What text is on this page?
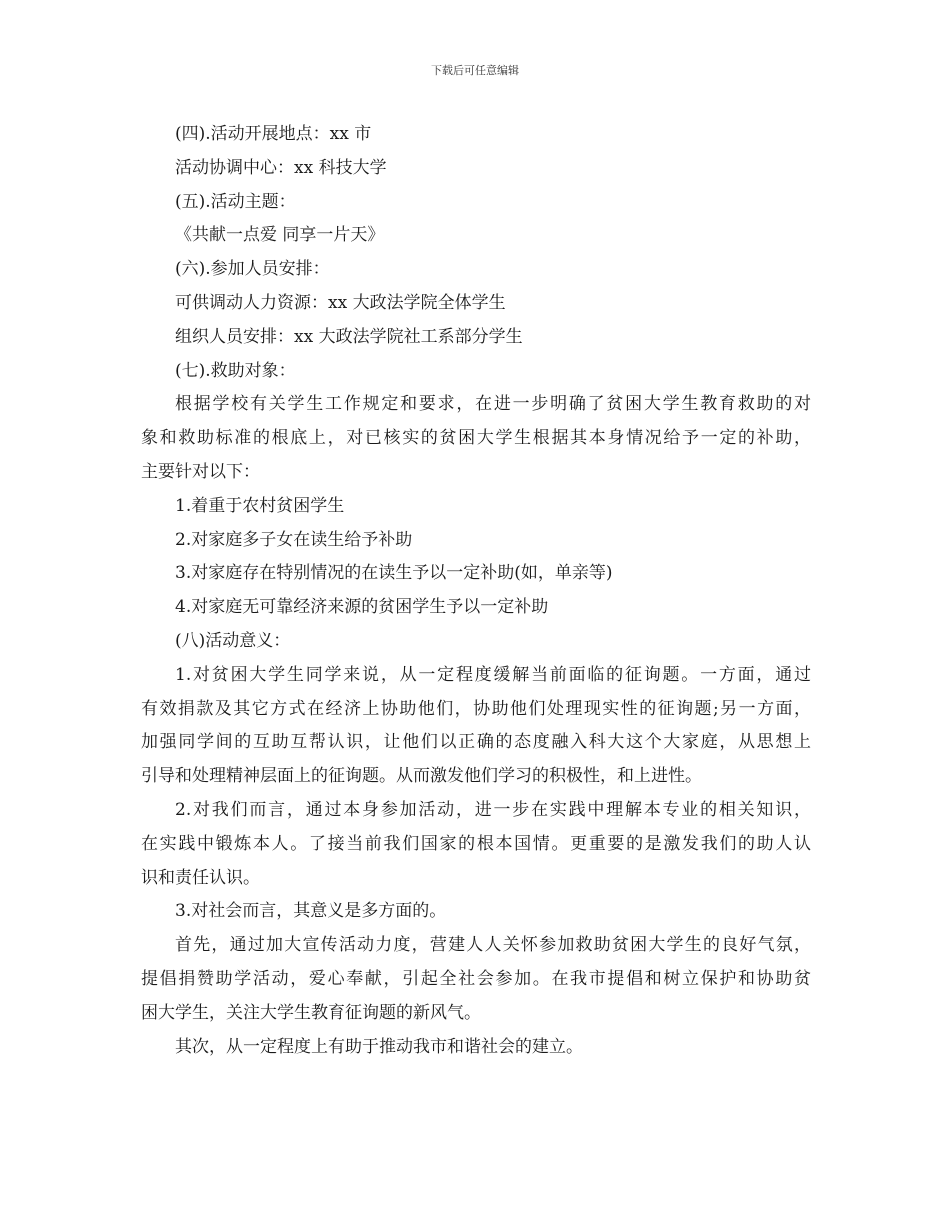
下载后可任意编辑
(四).活动开展地点：xx 市
活动协调中心：xx 科技大学
(五).活动主题：
《共献一点爱 同享一片天》
(六).参加人员安排：
可供调动人力资源：xx 大政法学院全体学生
组织人员安排：xx 大政法学院社工系部分学生
(七).救助对象：
根据学校有关学生工作规定和要求，在进一步明确了贫困大学生教育救助的对
象和救助标准的根底上，对已核实的贫困大学生根据其本身情况给予一定的补助，
主要针对以下：
1.着重于农村贫困学生
2.对家庭多子女在读生给予补助
3.对家庭存在特别情况的在读生予以一定补助(如，单亲等)
4.对家庭无可靠经济来源的贫困学生予以一定补助
(八)活动意义：
1.对贫困大学生同学来说，从一定程度缓解当前面临的征询题。一方面，通过
有效捐款及其它方式在经济上协助他们，协助他们处理现实性的征询题;另一方面，
加强同学间的互助互帮认识，让他们以正确的态度融入科大这个大家庭，从思想上
引导和处理精神层面上的征询题。从而激发他们学习的积极性，和上进性。
2.对我们而言，通过本身参加活动，进一步在实践中理解本专业的相关知识，
在实践中锻炼本人。了接当前我们国家的根本国情。更重要的是激发我们的助人认
识和责任认识。
3.对社会而言，其意义是多方面的。
首先，通过加大宣传活动力度，营建人人关怀参加救助贫困大学生的良好气氛，
提倡捐赞助学活动，爱心奉献，引起全社会参加。在我市提倡和树立保护和协助贫
困大学生，关注大学生教育征询题的新风气。
其次，从一定程度上有助于推动我市和谐社会的建立。
